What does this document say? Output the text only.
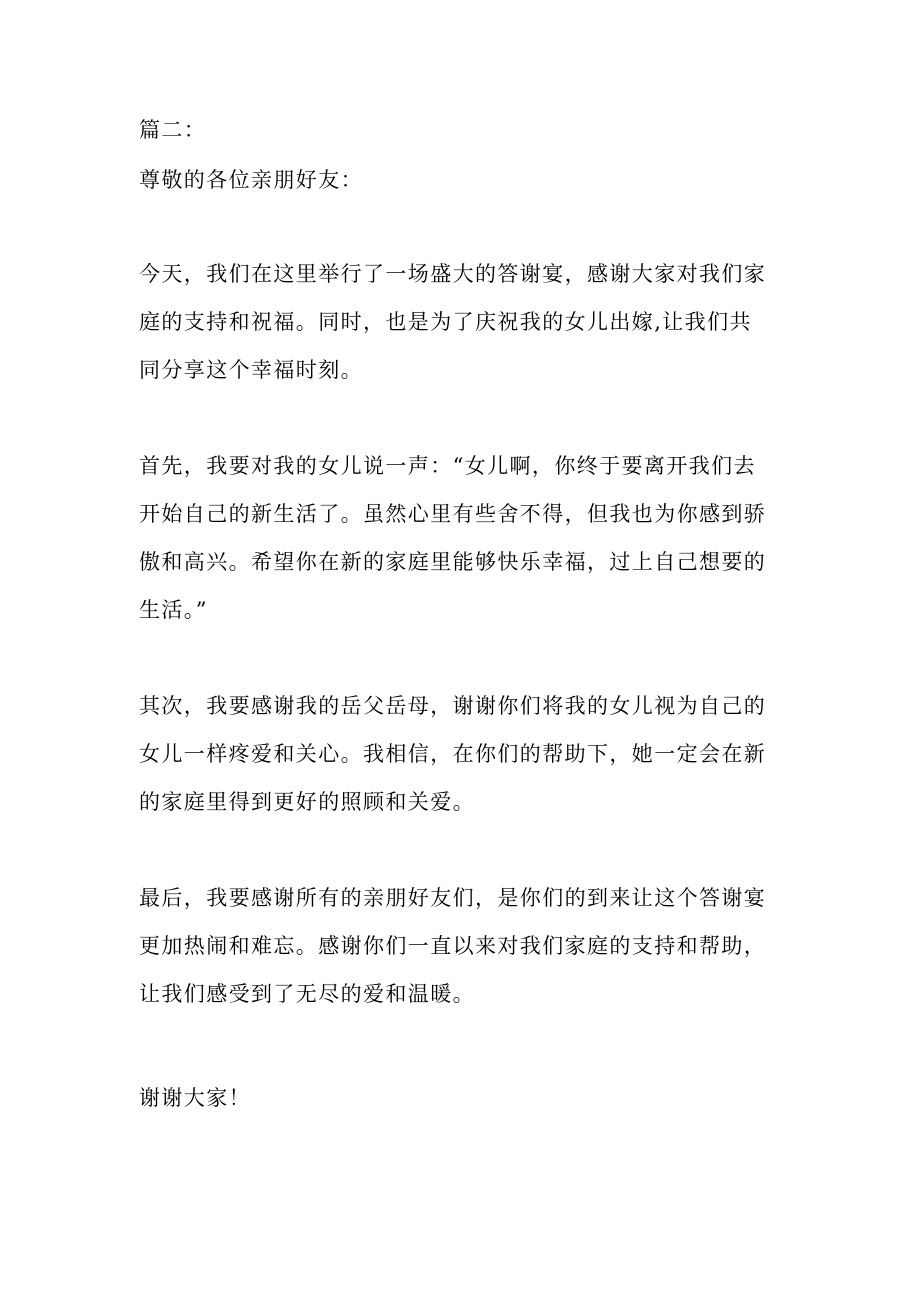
篇二：
尊敬的各位亲朋好友：
今天，我们在这里举行了一场盛大的答谢宴，感谢大家对我们家
庭的支持和祝福。同时，也是为了庆祝我的女儿出嫁,让我们共
同分享这个幸福时刻。
首先，我要对我的女儿说一声：“女儿啊，你终于要离开我们去
开始自己的新生活了。虽然心里有些舍不得，但我也为你感到骄
傲和高兴。希望你在新的家庭里能够快乐幸福，过上自己想要的
生活。”
其次，我要感谢我的岳父岳母，谢谢你们将我的女儿视为自己的
女儿一样疼爱和关心。我相信，在你们的帮助下，她一定会在新
的家庭里得到更好的照顾和关爱。
最后，我要感谢所有的亲朋好友们，是你们的到来让这个答谢宴
更加热闹和难忘。感谢你们一直以来对我们家庭的支持和帮助，
让我们感受到了无尽的爱和温暖。
谢谢大家！
